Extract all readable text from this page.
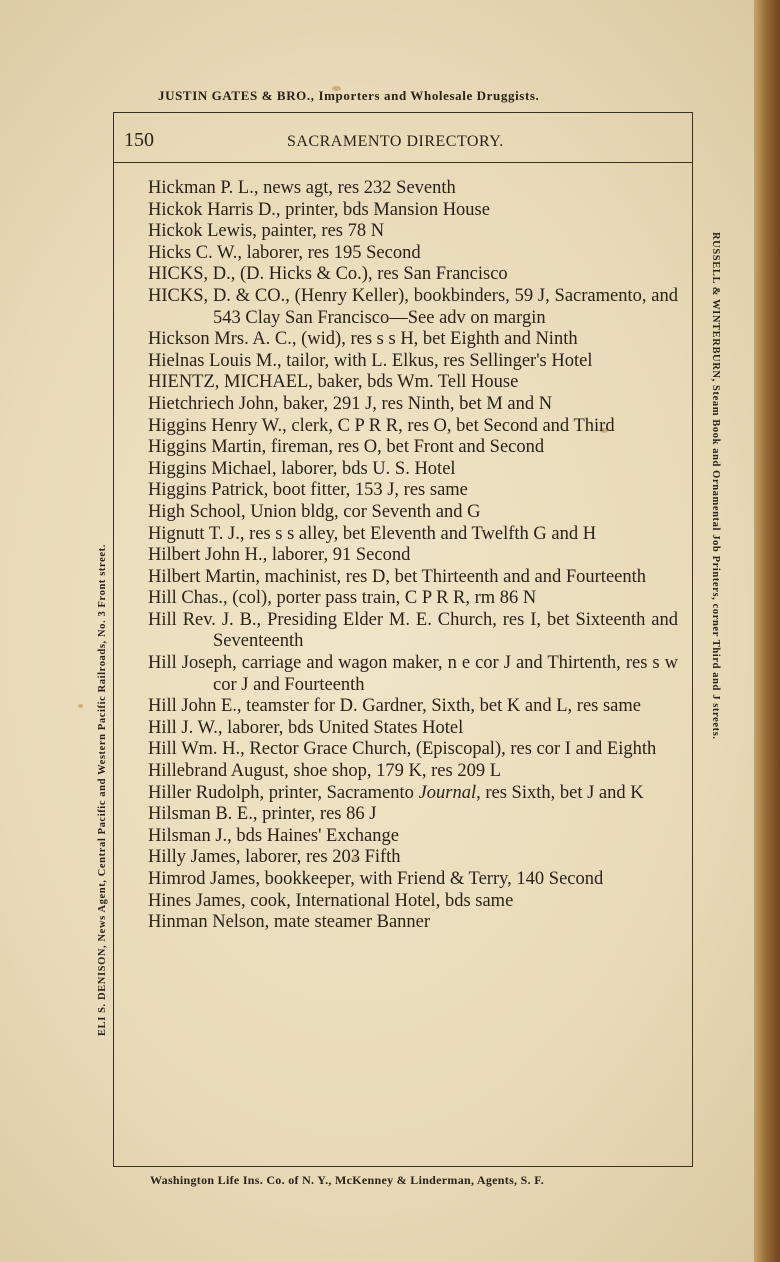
JUSTIN GATES & BRO., Importers and Wholesale Druggists.
150	SACRAMENTO DIRECTORY.
ELI S. DENISON, News Agent, Central Pacific and Western Pacific Railroads, No. 3 Front street.
RUSSELL & WINTERBURN, Steam Book and Ornamental Job Printers, corner Third and J streets.
Hickman P. L., news agt, res 232 Seventh
Hickok Harris D., printer, bds Mansion House
Hickok Lewis, painter, res 78 N
Hicks C. W., laborer, res 195 Second
HICKS, D., (D. Hicks & Co.), res San Francisco
HICKS, D. & CO., (Henry Keller), bookbinders, 59 J, Sacramento, and 543 Clay San Francisco—See adv on margin
Hickson Mrs. A. C., (wid), res s s H, bet Eighth and Ninth
Hielnas Louis M., tailor, with L. Elkus, res Sellinger's Hotel
HIENTZ, MICHAEL, baker, bds Wm. Tell House
Hietchriech John, baker, 291 J, res Ninth, bet M and N
Higgins Henry W., clerk, C P R R, res O, bet Second and Third
Higgins Martin, fireman, res O, bet Front and Second
Higgins Michael, laborer, bds U. S. Hotel
Higgins Patrick, boot fitter, 153 J, res same
High School, Union bldg, cor Seventh and G
Hignutt T. J., res s s alley, bet Eleventh and Twelfth G and H
Hilbert John H., laborer, 91 Second
Hilbert Martin, machinist, res D, bet Thirteenth and and Fourteenth
Hill Chas., (col), porter pass train, C P R R, rm 86 N
Hill Rev. J. B., Presiding Elder M. E. Church, res I, bet Sixteenth and Seventeenth
Hill Joseph, carriage and wagon maker, n e cor J and Thirtenth, res s w cor J and Fourteenth
Hill John E., teamster for D. Gardner, Sixth, bet K and L, res same
Hill J. W., laborer, bds United States Hotel
Hill Wm. H., Rector Grace Church, (Episcopal), res cor I and Eighth
Hillebrand August, shoe shop, 179 K, res 209 L
Hiller Rudolph, printer, Sacramento Journal, res Sixth, bet J and K
Hilsman B. E., printer, res 86 J
Hilsman J., bds Haines' Exchange
Hilly James, laborer, res 203 Fifth
Himrod James, bookkeeper, with Friend & Terry, 140 Second
Hines James, cook, International Hotel, bds same
Hinman Nelson, mate steamer Banner
Washington Life Ins. Co. of N. Y., McKenney & Linderman, Agents, S. F.
